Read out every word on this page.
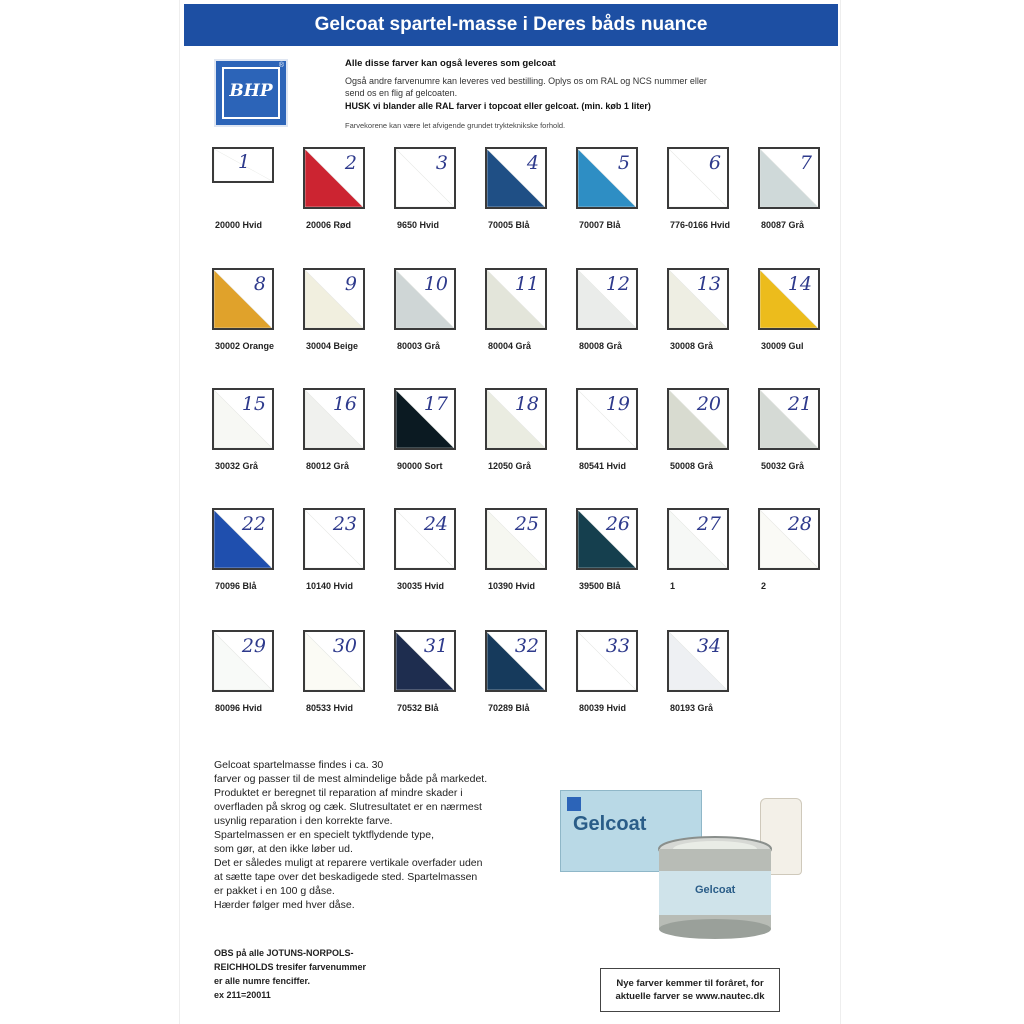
Gelcoat spartel-masse i Deres båds nuance
BHP
®	Alle disse farver kan også leveres som gelcoat
Også andre farvenumre kan leveres ved bestilling. Oplys os om RAL og NCS nummer eller
send os en flig af gelcoaten.
HUSK vi blander alle RAL farver i topcoat eller gelcoat. (min. køb 1 liter)
Farvekorene kan være let afvigende grundet trykteknikske forhold.
1
20000 Hvid
2
20006 Rød
3
9650 Hvid
4
70005 Blå
5
70007 Blå
6
776-0166 Hvid
7
80087 Grå
8
30002 Orange
9
30004 Beige
10
80003 Grå
11
80004 Grå
12
80008 Grå
13
30008 Grå
14
30009 Gul
15
30032 Grå
16
80012 Grå
17
90000 Sort
18
12050 Grå
19
80541 Hvid
20
50008 Grå
21
50032 Grå
22
70096 Blå
23
10140 Hvid
24
30035 Hvid
25
10390 Hvid
26
39500 Blå
27
1
28
2
29
80096 Hvid
30
80533 Hvid
31
70532 Blå
32
70289 Blå
33
80039 Hvid
34
80193 Grå

Gelcoat spartelmasse findes i ca. 30

farver og passer til de mest almindelige både på markedet.

Produktet er beregnet til reparation af mindre skader i

overfladen på skrog og cæk. Slutresultatet er en nærmest

usynlig reparation i den korrekte farve.

Spartelmassen er en specielt tyktflydende type,

som gør, at den ikke løber ud.

Det er således muligt at reparere vertikale overfader uden

at sætte tape over det beskadigede sted. Spartelmassen

er pakket i en 100 g dåse.

Hærder følger med hver dåse.

OBS på alle JOTUNS-NORPOLS-

REICHHOLDS tresifer farvenummer

er alle numre fenciffer.

ex 211=20011

Gelcoat
Gelcoat
Nye farver kemmer til forâret, for
aktuelle farver se www.nautec.dk
